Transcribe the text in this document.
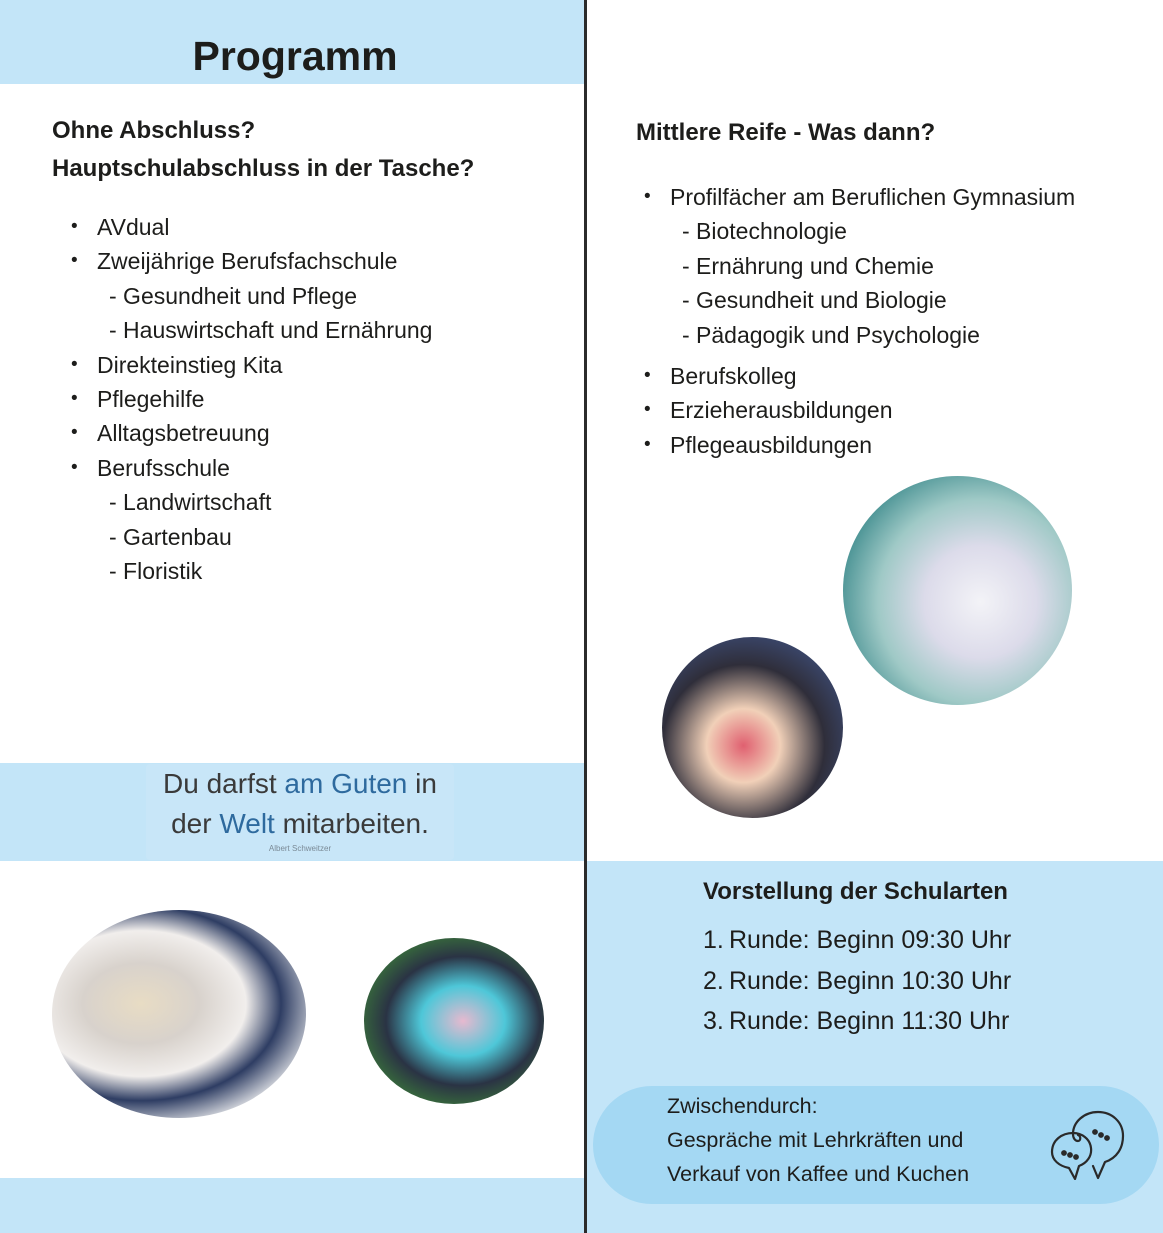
Programm
Ohne Abschluss?
Hauptschulabschluss in der Tasche?
• AVdual
• Zweijährige Berufsfachschule
- Gesundheit und Pflege
- Hauswirtschaft und Ernährung
• Direkteinstieg Kita
• Pflegehilfe
• Alltagsbetreuung
• Berufsschule
- Landwirtschaft
- Gartenbau
- Floristik
Du darfst am Guten in
der Welt mitarbeiten.
Albert Schweitzer
Mittlere Reife - Was dann?
• Profilfächer am Beruflichen Gymnasium
- Biotechnologie
- Ernährung und Chemie
- Gesundheit und Biologie
- Pädagogik und Psychologie
• Berufskolleg
• Erzieherausbildungen
• Pflegeausbildungen
Vorstellung der Schularten
1. Runde: Beginn 09:30 Uhr
2. Runde: Beginn 10:30 Uhr
3. Runde: Beginn 11:30 Uhr
Zwischendurch:
Gespräche mit Lehrkräften und
Verkauf von Kaffee und Kuchen
